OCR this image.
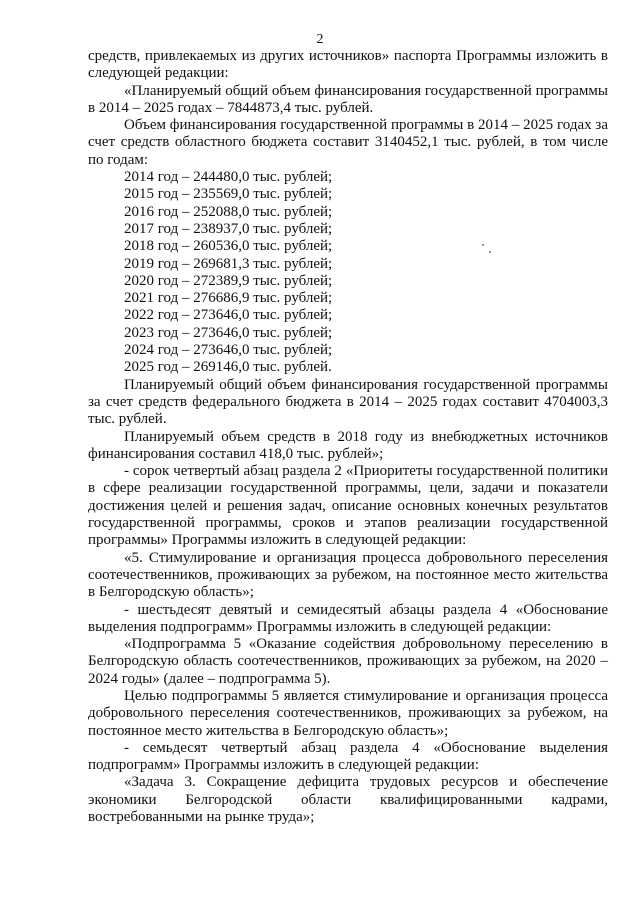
2

средств, привлекаемых из других источников» паспорта Программы изложить в следующей редакции:

«Планируемый общий объем финансирования государственной программы в 2014 – 2025 годах – 7844873,4 тыс. рублей.

Объем финансирования государственной программы в 2014 – 2025 годах за счет средств областного бюджета составит 3140452,1 тыс. рублей, в том числе по годам:

2014 год – 244480,0 тыс. рублей;

2015 год – 235569,0 тыс. рублей;

2016 год – 252088,0 тыс. рублей;

2017 год – 238937,0 тыс. рублей;

2018 год – 260536,0 тыс. рублей;

2019 год – 269681,3 тыс. рублей;

2020 год – 272389,9 тыс. рублей;

2021 год – 276686,9 тыс. рублей;

2022 год – 273646,0 тыс. рублей;

2023 год – 273646,0 тыс. рублей;

2024 год – 273646,0 тыс. рублей;

2025 год – 269146,0 тыс. рублей.

Планируемый общий объем финансирования государственной программы за счет средств федерального бюджета в 2014 – 2025 годах составит 4704003,3 тыс. рублей.

Планируемый объем средств в 2018 году из внебюджетных источников финансирования составил 418,0 тыс. рублей»;

- сорок четвертый абзац раздела 2 «Приоритеты государственной политики в сфере реализации государственной программы, цели, задачи и показатели достижения целей и решения задач, описание основных конечных результатов государственной программы, сроков и этапов реализации государственной программы» Программы изложить в следующей редакции:

«5. Стимулирование и организация процесса добровольного переселения соотечественников, проживающих за рубежом, на постоянное место жительства в Белгородскую область»;

- шестьдесят девятый и семидесятый абзацы раздела 4 «Обоснование выделения подпрограмм» Программы изложить в следующей редакции:

«Подпрограмма 5 «Оказание содействия добровольному переселению в Белгородскую область соотечественников, проживающих за рубежом, на 2020 – 2024 годы» (далее – подпрограмма 5).

Целью подпрограммы 5 является стимулирование и организация процесса добровольного переселения соотечественников, проживающих за рубежом, на постоянное место жительства в Белгородскую область»;

- семьдесят четвертый абзац раздела 4 «Обоснование выделения подпрограмм» Программы изложить в следующей редакции:

«Задача 3. Сокращение дефицита трудовых ресурсов и обеспечение экономики Белгородской области квалифицированными кадрами, востребованными на рынке труда»;
